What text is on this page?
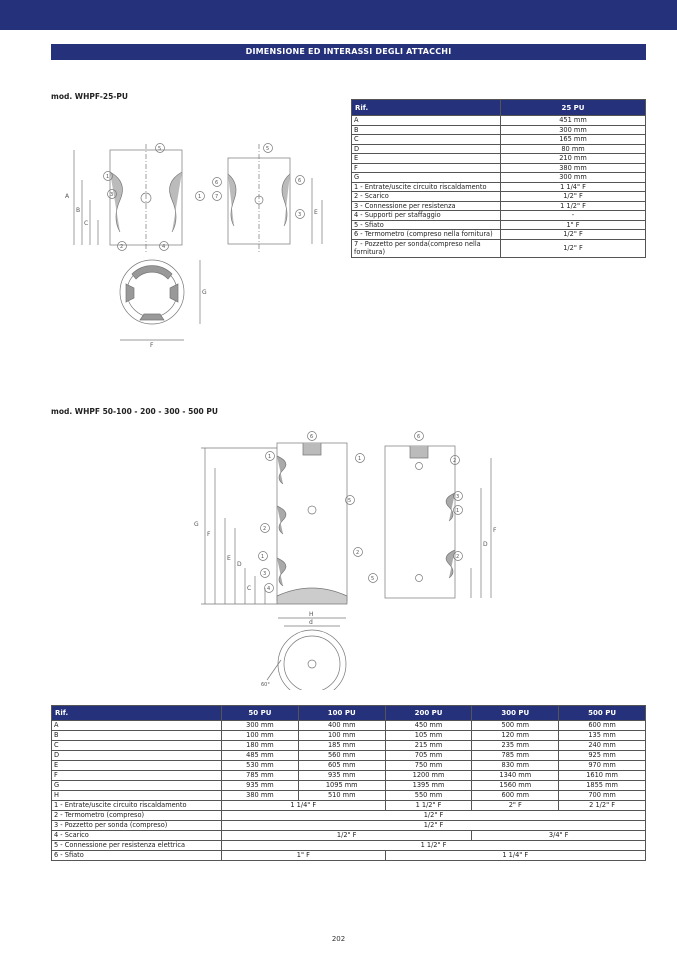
DIMENSIONE ED INTERASSI DEGLI ATTACCHI
mod. WHPF-25-PU
A
B
C
5
1
3	1
2	4
E
5
6
7
6
3
F
G
Rif.	25 PU
A	451 mm
B	300 mm
C	165 mm
D	80 mm
E	210 mm
F	380 mm
G	300 mm
1 - Entrate/uscite circuito riscaldamento	1 1/4" F
2 - Scarico	1/2" F
3 - Connessione per resistenza	1 1/2" F
4 - Supporti per staffaggio	-
5 - Sfiato	1" F
6 - Termometro (compreso nella fornitura)	1/2" F
7 - Pozzetto per sonda(compreso nella fornitura)	1/2" F
mod. WHPF 50-100 - 200 - 300 - 500 PU
G
F
E
D
C
6
1
2
1
3
4
1
5
2
5
6
2
3
1
2
F
D
H
d
60°
Rif.	50 PU	100 PU	200 PU	300 PU	500 PU
A	300 mm	400 mm	450 mm	500 mm	600 mm
B	100 mm	100 mm	105 mm	120 mm	135 mm
C	180 mm	185 mm	215 mm	235 mm	240 mm
D	485 mm	560 mm	705 mm	785 mm	925 mm
E	530 mm	605 mm	750 mm	830 mm	970 mm
F	785 mm	935 mm	1200 mm	1340 mm	1610 mm
G	935 mm	1095 mm	1395 mm	1560 mm	1855 mm
H	380 mm	510 mm	550 mm	600 mm	700 mm
1 - Entrate/uscite circuito riscaldamento	1 1/4" F		1 1/2" F	2" F	2 1/2" F
2 - Termometro (compreso)	1/2" F				
3 - Pozzetto per sonda (compreso)	1/2" F				
4 - Scarico	1/2" F			3/4" F	
5 - Connessione per resistenza elettrica	1 1/2" F				
6 - Sfiato	1" F		1 1/4" F		
202
